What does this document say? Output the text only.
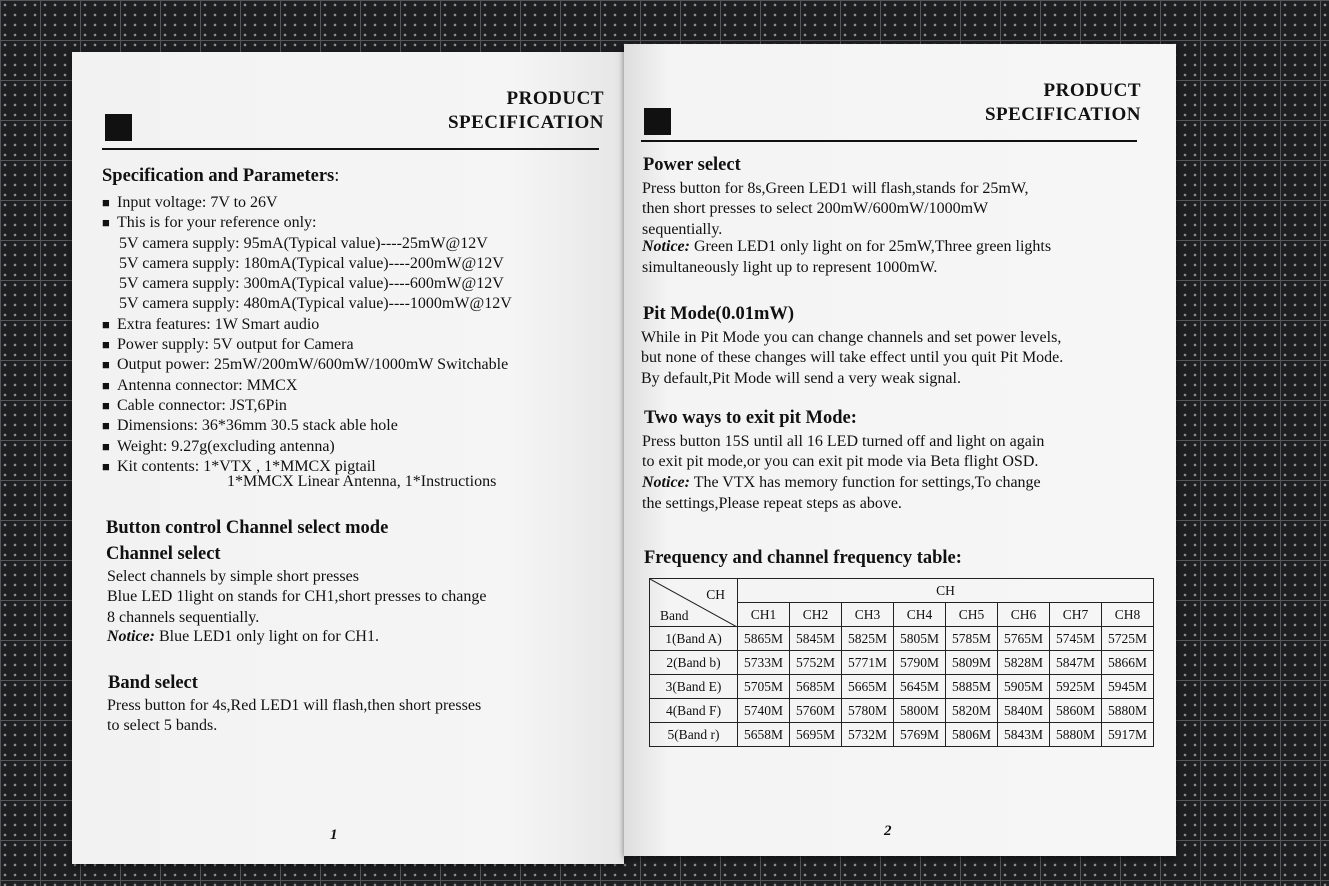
PRODUCT
SPECIFICATION
Specification and Parameters:
■ Input voltage: 7V to 26V
■ This is for your reference only:
5V camera supply: 95mA(Typical value)----25mW@12V
5V camera supply: 180mA(Typical value)----200mW@12V
5V camera supply: 300mA(Typical value)----600mW@12V
5V camera supply: 480mA(Typical value)----1000mW@12V
■ Extra features: 1W Smart audio
■ Power supply: 5V output for Camera
■ Output power: 25mW/200mW/600mW/1000mW Switchable
■ Antenna connector: MMCX
■ Cable connector: JST,6Pin
■ Dimensions: 36*36mm 30.5 stack able hole
■ Weight: 9.27g(excluding antenna)
■ Kit contents: 1*VTX , 1*MMCX pigtail
1*MMCX Linear Antenna, 1*Instructions
Button control Channel select mode
Channel select
Select channels by simple short presses
Blue LED 1light on stands for CH1,short presses to change
8 channels sequentially.
Notice: Blue LED1 only light on for CH1.
Band select
Press button for 4s,Red LED1 will flash,then short presses
to select 5 bands.
1
PRODUCT
SPECIFICATION
Power select
Press button for 8s,Green LED1 will flash,stands for 25mW,
then short presses to select 200mW/600mW/1000mW
sequentially.
Notice: Green LED1 only light on for 25mW,Three green lights
simultaneously light up to represent 1000mW.
Pit Mode(0.01mW)
While in Pit Mode you can change channels and set power levels,
but none of these changes will take effect until you quit Pit Mode.
By default,Pit Mode will send a very weak signal.
Two ways to exit pit Mode:
Press button 15S until all 16 LED turned off and light on again
to exit pit mode,or you can exit pit mode via Beta flight OSD.
Notice: The VTX has memory function for settings,To change
the settings,Please repeat steps as above.
Frequency and channel frequency table:
CH
Band	CH							
	CH1	CH2	CH3	CH4	CH5	CH6	CH7	CH8
1(Band A)	5865M	5845M	5825M	5805M	5785M	5765M	5745M	5725M
2(Band b)	5733M	5752M	5771M	5790M	5809M	5828M	5847M	5866M
3(Band E)	5705M	5685M	5665M	5645M	5885M	5905M	5925M	5945M
4(Band F)	5740M	5760M	5780M	5800M	5820M	5840M	5860M	5880M
5(Band r)	5658M	5695M	5732M	5769M	5806M	5843M	5880M	5917M
2
